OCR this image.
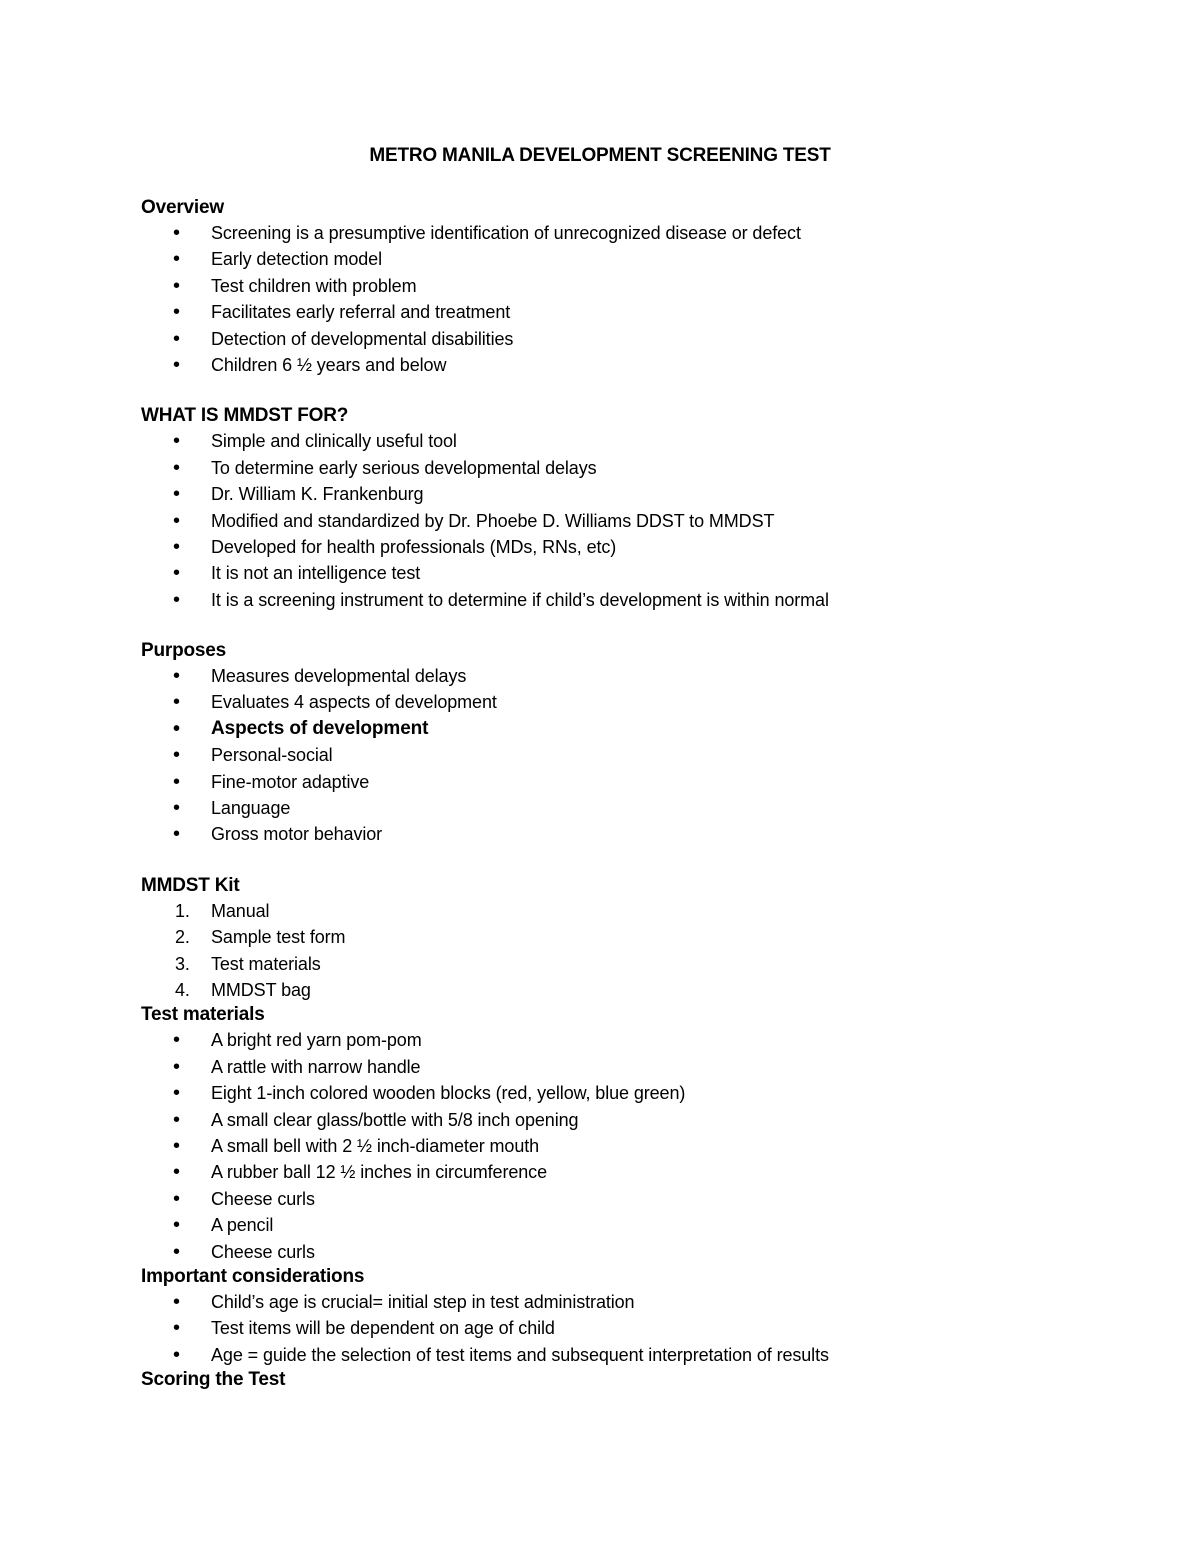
METRO MANILA DEVELOPMENT SCREENING TEST

Overview

• Screening is a presumptive identification of unrecognized disease or defect
• Early detection model
• Test children with problem
• Facilitates early referral and treatment
• Detection of developmental disabilities
• Children 6 ½ years and below

WHAT IS MMDST FOR?

• Simple and clinically useful tool
• To determine early serious developmental delays
• Dr. William K. Frankenburg
• Modified and standardized by Dr. Phoebe D. Williams DDST to MMDST
• Developed for health professionals (MDs, RNs, etc)
• It is not an intelligence test
• It is a screening instrument to determine if child’s development is within normal

Purposes

• Measures developmental delays
• Evaluates 4 aspects of development
• Aspects of development
• Personal-social
• Fine-motor adaptive
• Language
• Gross motor behavior

MMDST Kit

1. Manual
2. Sample test form
3. Test materials
4. MMDST bag

Test materials

• A bright red yarn pom-pom
• A rattle with narrow handle
• Eight 1-inch colored wooden blocks (red, yellow, blue green)
• A small clear glass/bottle with 5/8 inch opening
• A small bell with 2 ½ inch-diameter mouth
• A rubber ball 12 ½ inches in circumference
• Cheese curls
• A pencil
• Cheese curls

Important considerations

• Child’s age is crucial= initial step in test administration
• Test items will be dependent on age of child
• Age = guide the selection of test items and subsequent interpretation of results

Scoring the Test
